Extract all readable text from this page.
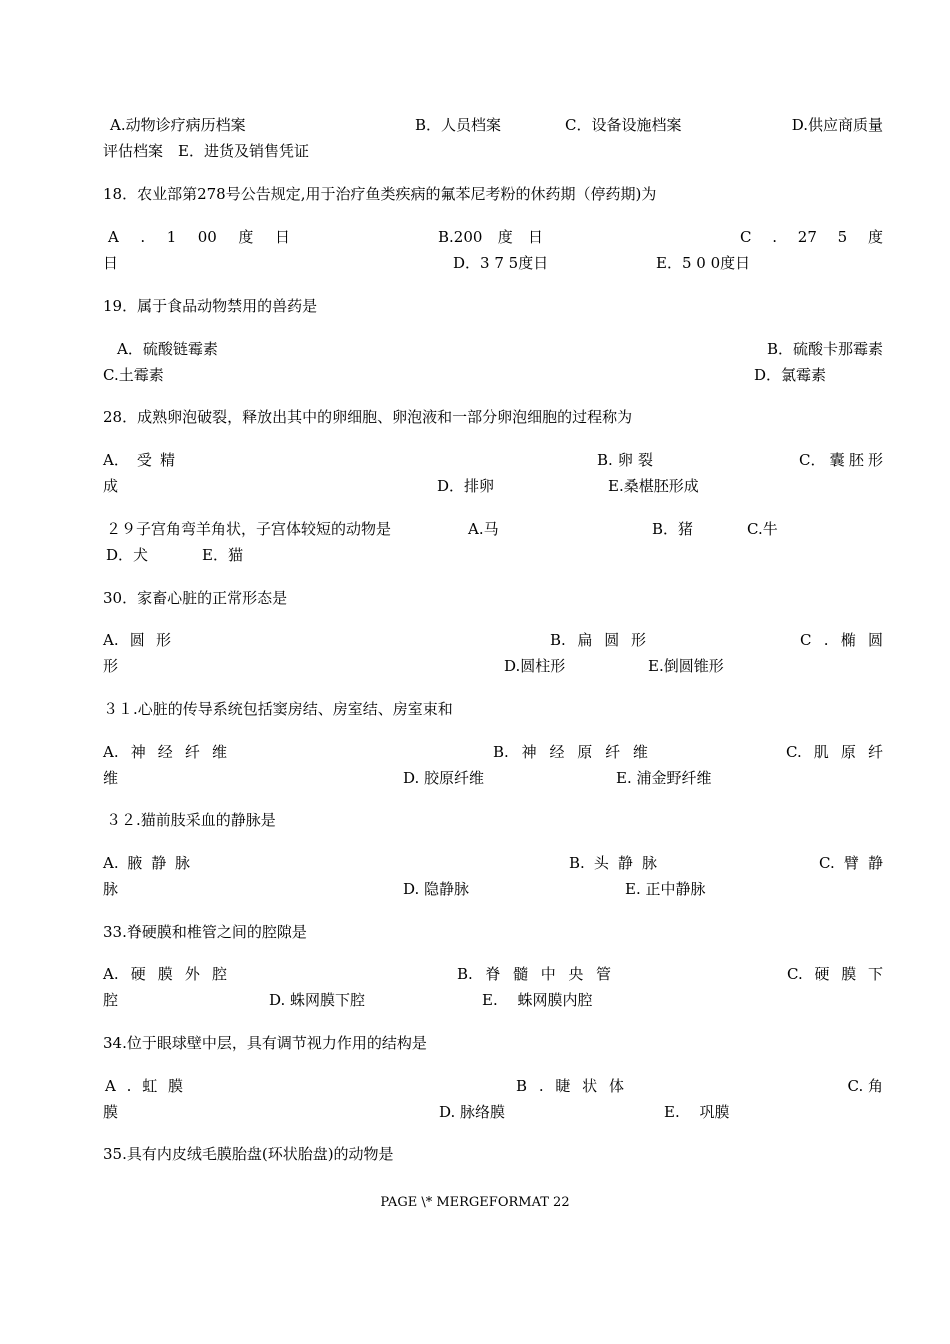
A.动物诊疗病历档案	B．人员档案	C．设备设施档案	D.供应商质量
评估档案　E．进货及销售凭证
18．农业部第278号公告规定,用于治疗鱼类疾病的氟苯尼考粉的休药期（停药期)为
A . 1 00 度 日	B.200 度 日	C . 27 5 度
日	D．3 7 5度日	E．5 0 0度日
19．属于食品动物禁用的兽药是
A．硫酸链霉素	B．硫酸卡那霉素
C.土霉素	D．氯霉素
28．成熟卵泡破裂，释放出其中的卵细胞、卵泡液和一部分卵泡细胞的过程称为
A． 受 精	B. 卵 裂	C． 囊 胚 形
成	D．排卵	E.桑椹胚形成
２９子宫角弯羊角状，子宫体较短的动物是	A.马	B．猪	C.牛
D．犬	E．猫
30．家畜心脏的正常形态是
A. 圆 形	B. 扁 圆 形	C . 椭 圆
形	D.圆柱形	E.倒圆锥形
３１.心脏的传导系统包括窦房结、房室结、房室束和
A. 神 经 纤 维	B. 神 经 原 纤 维	C. 肌 原 纤
维	D. 胶原纤维	E. 浦金野纤维
３２.猫前肢采血的静脉是
A. 腋 静 脉	B. 头 静 脉	C. 臂 静
脉	D. 隐静脉	E. 正中静脉
33.脊硬膜和椎管之间的腔隙是
A. 硬 膜 外 腔	B. 脊 髓 中 央 管	C. 硬 膜 下
腔	D. 蛛网膜下腔	E.　 蛛网膜内腔
34.位于眼球壁中层，具有调节视力作用的结构是
A . 虹 膜	B . 睫 状 体	C. 角
膜	D. 脉络膜	E.　 巩膜
35.具有内皮绒毛膜胎盘(环状胎盘)的动物是
PAGE \* MERGEFORMAT 22
